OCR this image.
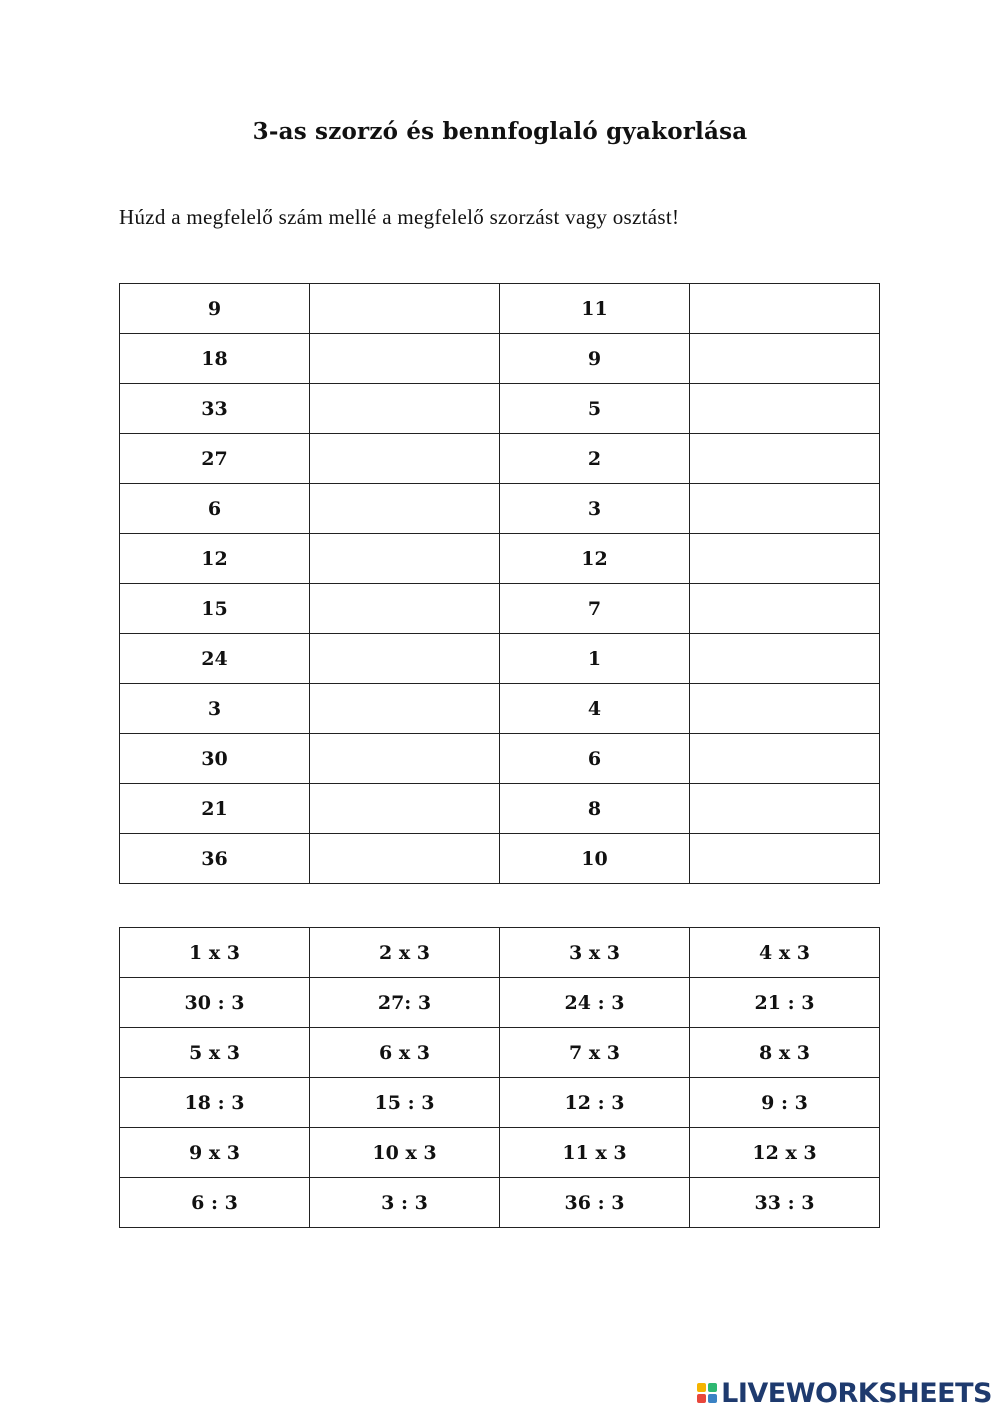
3-as szorzó és bennfoglaló gyakorlása
Húzd a megfelelő szám mellé a megfelelő szorzást vagy osztást!
9		11	
18		9	
33		5	
27		2	
6		3	
12		12	
15		7	
24		1	
3		4	
30		6	
21		8	
36		10	
1 x 3	2 x 3	3 x 3	4 x 3
30 : 3	27: 3	24 : 3	21 : 3
5 x 3	6 x 3	7 x 3	8 x 3
18 : 3	15 : 3	12 : 3	9 : 3
9 x 3	10 x 3	11 x 3	12 x 3
6 : 3	3 : 3	36 : 3	33 : 3
LIVEWORKSHEETS
